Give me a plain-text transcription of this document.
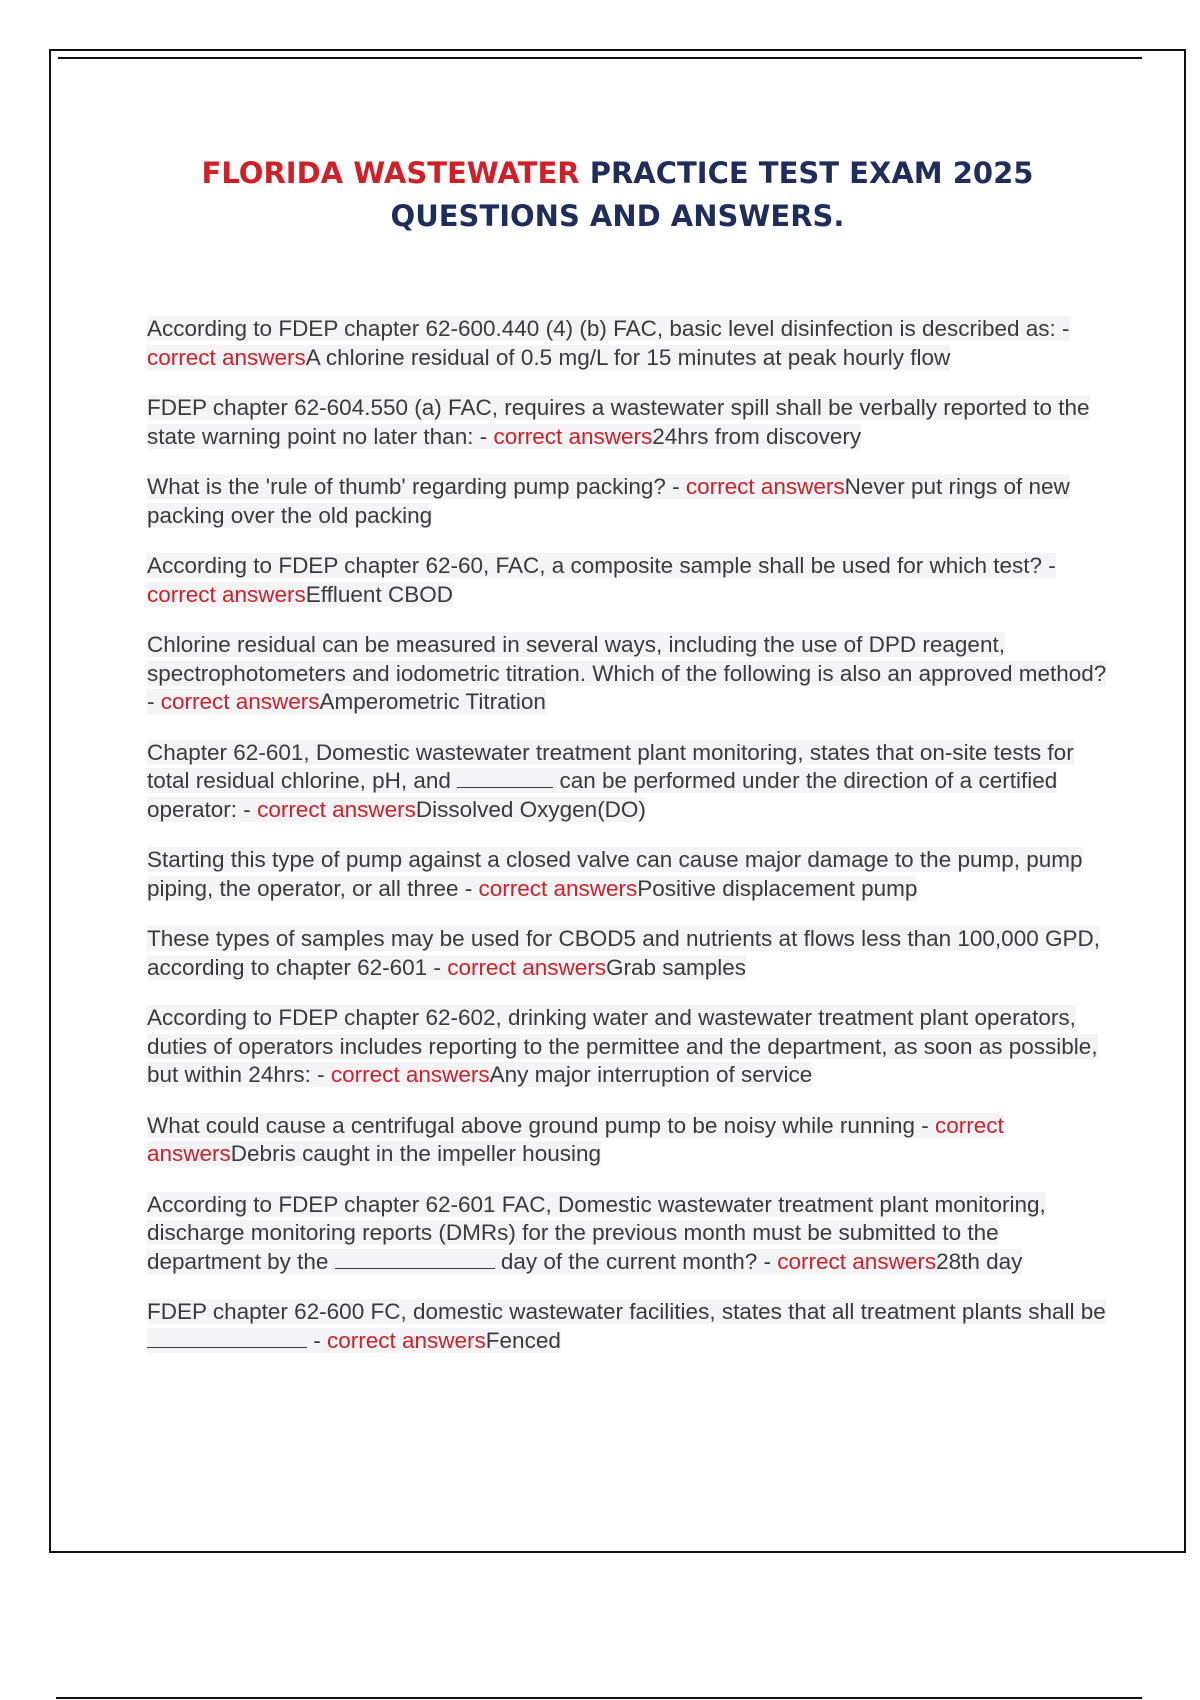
FLORIDA WASTEWATER PRACTICE TEST EXAM 2025
QUESTIONS AND ANSWERS.
According to FDEP chapter 62-600.440 (4) (b) FAC, basic level disinfection is described as: - correct answersA chlorine residual of 0.5 mg/L for 15 minutes at peak hourly flow
FDEP chapter 62-604.550 (a) FAC, requires a wastewater spill shall be verbally reported to the state warning point no later than: - correct answers24hrs from discovery
What is the 'rule of thumb' regarding pump packing? - correct answersNever put rings of new packing over the old packing
According to FDEP chapter 62-60, FAC, a composite sample shall be used for which test? - correct answersEffluent CBOD
Chlorine residual can be measured in several ways, including the use of DPD reagent, spectrophotometers and iodometric titration. Which of the following is also an approved method? - correct answersAmperometric Titration
Chapter 62-601, Domestic wastewater treatment plant monitoring, states that on-site tests for total residual chlorine, pH, and	can be performed under the direction of a certified operator: - correct answersDissolved Oxygen(DO)
Starting this type of pump against a closed valve can cause major damage to the pump, pump piping, the operator, or all three - correct answersPositive displacement pump
These types of samples may be used for CBOD5 and nutrients at flows less than 100,000 GPD, according to chapter 62-601 - correct answersGrab samples
According to FDEP chapter 62-602, drinking water and wastewater treatment plant operators, duties of operators includes reporting to the permittee and the department, as soon as possible, but within 24hrs: - correct answersAny major interruption of service
What could cause a centrifugal above ground pump to be noisy while running - correct answersDebris caught in the impeller housing
According to FDEP chapter 62-601 FAC, Domestic wastewater treatment plant monitoring, discharge monitoring reports (DMRs) for the previous month must be submitted to the department by the	day of the current month? - correct answers28th day
FDEP chapter 62-600 FC, domestic wastewater facilities, states that all treatment plants shall be - correct answersFenced
